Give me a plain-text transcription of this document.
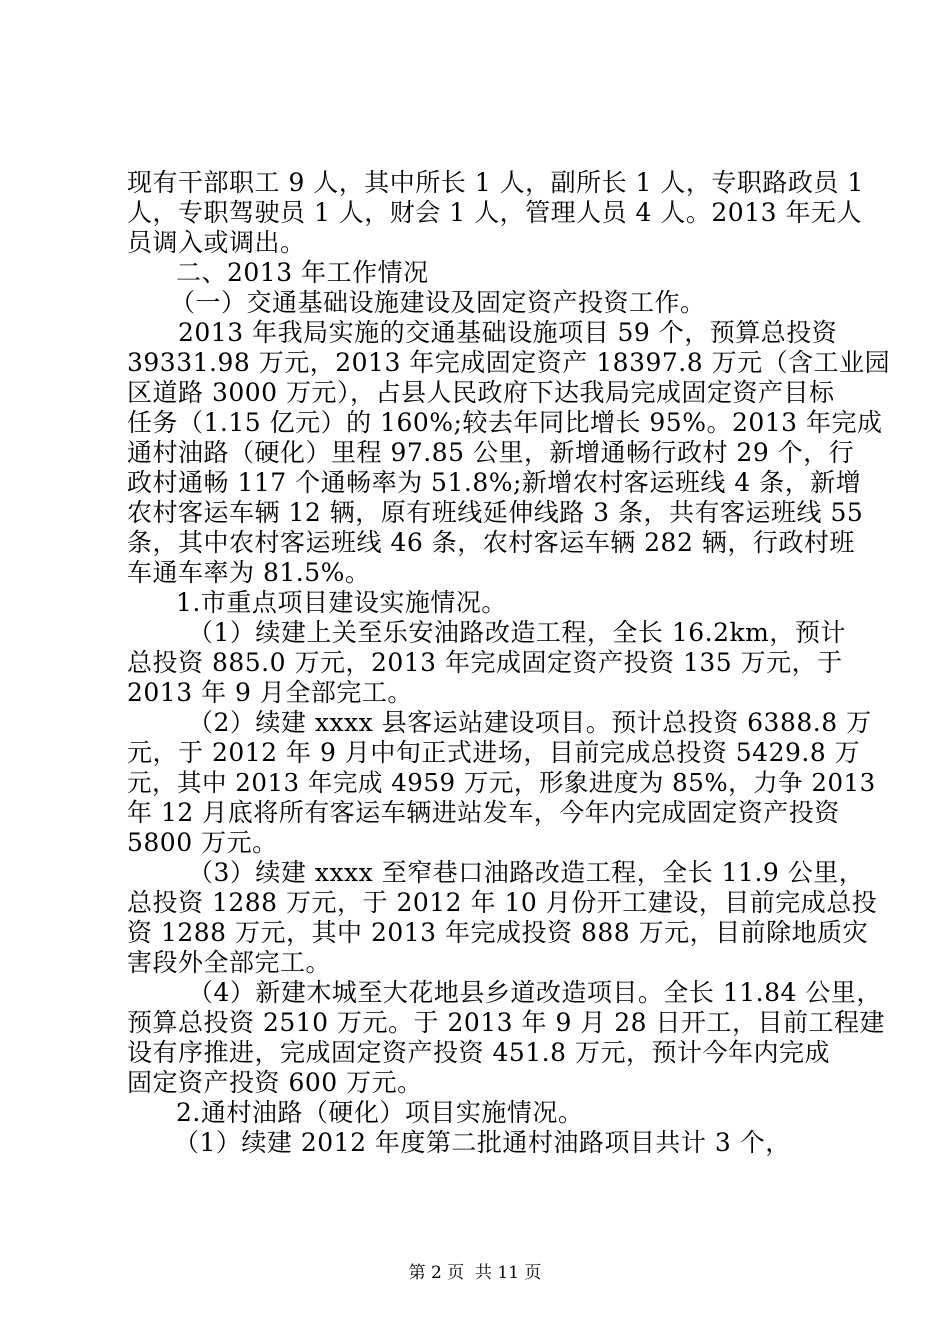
现有干部职工 9 人，其中所长 1 人，副所长 1 人，专职路政员 1
人，专职驾驶员 1 人，财会 1 人，管理人员 4 人。2013 年无人
员调入或调出。
二、2013 年工作情况
（一）交通基础设施建设及固定资产投资工作。
2013 年我局实施的交通基础设施项目 59 个，预算总投资
39331.98 万元，2013 年完成固定资产 18397.8 万元（含工业园
区道路 3000 万元），占县人民政府下达我局完成固定资产目标
任务（1.15 亿元）的 160%;较去年同比增长 95%。2013 年完成
通村油路（硬化）里程 97.85 公里，新增通畅行政村 29 个，行
政村通畅 117 个通畅率为 51.8%;新增农村客运班线 4 条，新增
农村客运车辆 12 辆，原有班线延伸线路 3 条，共有客运班线 55
条，其中农村客运班线 46 条，农村客运车辆 282 辆，行政村班
车通车率为 81.5%。
1.市重点项目建设实施情况。
（1）续建上关至乐安油路改造工程，全长 16.2km，预计
总投资 885.0 万元，2013 年完成固定资产投资 135 万元，于
2013 年 9 月全部完工。
（2）续建 xxxx 县客运站建设项目。预计总投资 6388.8 万
元，于 2012 年 9 月中旬正式进场，目前完成总投资 5429.8 万
元，其中 2013 年完成 4959 万元，形象进度为 85%，力争 2013
年 12 月底将所有客运车辆进站发车，今年内完成固定资产投资
5800 万元。
（3）续建 xxxx 至窄巷口油路改造工程，全长 11.9 公里，
总投资 1288 万元，于 2012 年 10 月份开工建设，目前完成总投
资 1288 万元，其中 2013 年完成投资 888 万元，目前除地质灾
害段外全部完工。
（4）新建木城至大花地县乡道改造项目。全长 11.84 公里，
预算总投资 2510 万元。于 2013 年 9 月 28 日开工，目前工程建
设有序推进，完成固定资产投资 451.8 万元，预计今年内完成
固定资产投资 600 万元。
2.通村油路（硬化）项目实施情况。
（1）续建 2012 年度第二批通村油路项目共计 3 个，
第 2 页  共 11 页
